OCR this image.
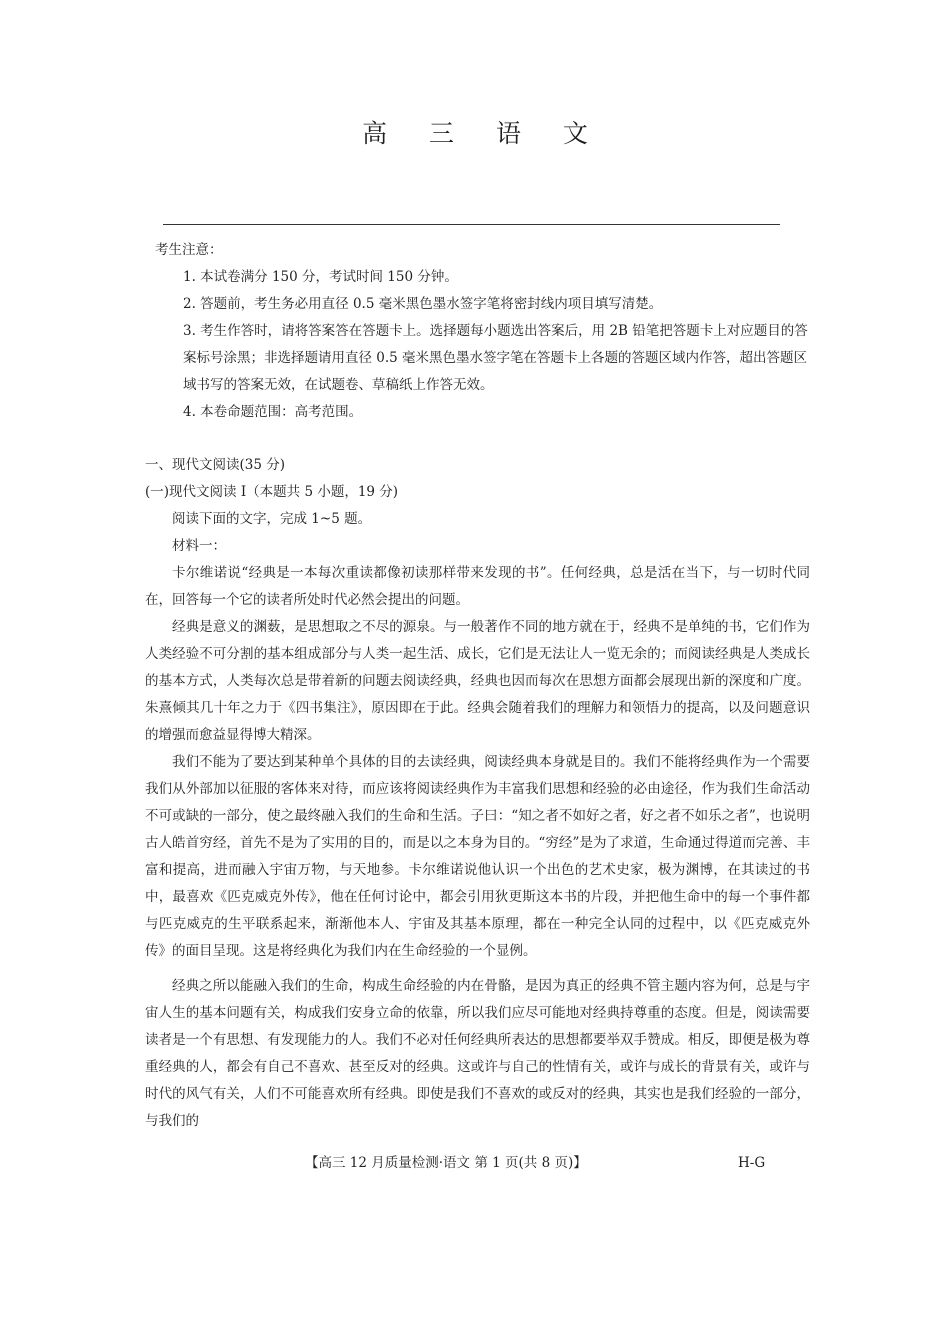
高 三 语 文
考生注意：
1. 本试卷满分 150 分，考试时间 150 分钟。
2. 答题前，考生务必用直径 0.5 毫米黑色墨水签字笔将密封线内项目填写清楚。
3. 考生作答时，请将答案答在答题卡上。选择题每小题选出答案后，用 2B 铅笔把答题卡上对应题目的答案标号涂黑；非选择题请用直径 0.5 毫米黑色墨水签字笔在答题卡上各题的答题区域内作答，超出答题区域书写的答案无效，在试题卷、草稿纸上作答无效。
4. 本卷命题范围：高考范围。
一、现代文阅读(35 分)
(一)现代文阅读 I（本题共 5 小题，19 分)
阅读下面的文字，完成 1~5 题。
材料一：

卡尔维诺说“经典是一本每次重读都像初读那样带来发现的书”。任何经典，总是活在当下，与一切时代同在，回答每一个它的读者所处时代必然会提出的问题。

经典是意义的渊薮，是思想取之不尽的源泉。与一般著作不同的地方就在于，经典不是单纯的书，它们作为人类经验不可分割的基本组成部分与人类一起生活、成长，它们是无法让人一览无余的；而阅读经典是人类成长的基本方式，人类每次总是带着新的问题去阅读经典，经典也因而每次在思想方面都会展现出新的深度和广度。朱熹倾其几十年之力于《四书集注》，原因即在于此。经典会随着我们的理解力和领悟力的提高，以及问题意识的增强而愈益显得博大精深。

我们不能为了要达到某种单个具体的目的去读经典，阅读经典本身就是目的。我们不能将经典作为一个需要我们从外部加以征服的客体来对待，而应该将阅读经典作为丰富我们思想和经验的必由途径，作为我们生命活动不可或缺的一部分，使之最终融入我们的生命和生活。子曰：“知之者不如好之者，好之者不如乐之者”，也说明古人皓首穷经，首先不是为了实用的目的，而是以之本身为目的。“穷经”是为了求道，生命通过得道而完善、丰富和提高，进而融入宇宙万物，与天地参。卡尔维诺说他认识一个出色的艺术史家，极为渊博，在其读过的书中，最喜欢《匹克威克外传》，他在任何讨论中，都会引用狄更斯这本书的片段，并把他生命中的每一个事件都与匹克威克的生平联系起来，渐渐他本人、宇宙及其基本原理，都在一种完全认同的过程中，以《匹克威克外传》的面目呈现。这是将经典化为我们内在生命经验的一个显例。

经典之所以能融入我们的生命，构成生命经验的内在骨骼，是因为真正的经典不管主题内容为何，总是与宇宙人生的基本问题有关，构成我们安身立命的依靠，所以我们应尽可能地对经典持尊重的态度。但是，阅读需要读者是一个有思想、有发现能力的人。我们不必对任何经典所表达的思想都要举双手赞成。相反，即便是极为尊重经典的人，都会有自己不喜欢、甚至反对的经典。这或许与自己的性情有关，或许与成长的背景有关，或许与时代的风气有关，人们不可能喜欢所有经典。即使是我们不喜欢的或反对的经典，其实也是我们经验的一部分，与我们的

【高三 12 月质量检测·语文 第 1 页(共 8 页)】	H-G
